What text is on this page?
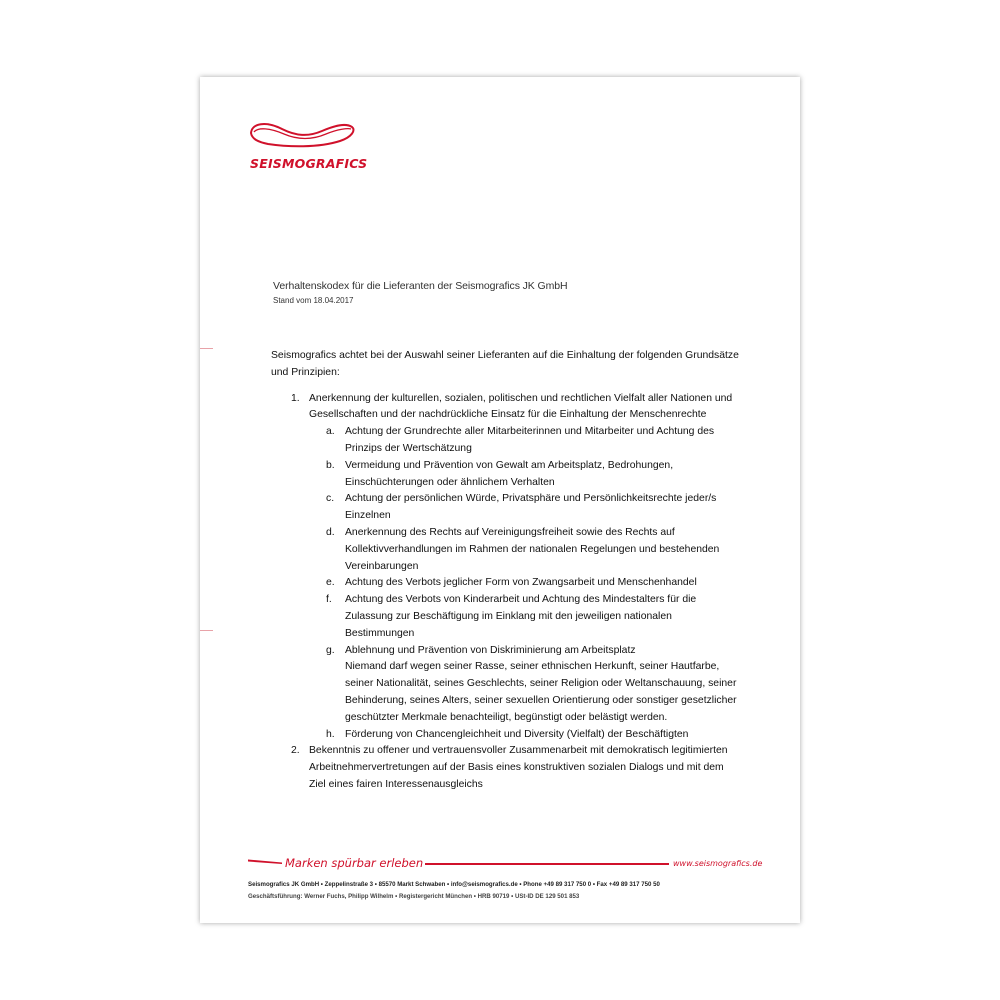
SEISMOGRAFICS
Verhaltenskodex für die Lieferanten der Seismografics JK GmbH
Stand vom 18.04.2017

Seismografics achtet bei der Auswahl seiner Lieferanten auf die Einhaltung der folgenden Grundsätze und Prinzipien:

1. Anerkennung der kulturellen, sozialen, politischen und rechtlichen Vielfalt aller Nationen und Gesellschaften und der nachdrückliche Einsatz für die Einhaltung der Menschenrechte
a. Achtung der Grundrechte aller Mitarbeiterinnen und Mitarbeiter und Achtung des Prinzips der Wertschätzung
b. Vermeidung und Prävention von Gewalt am Arbeitsplatz, Bedrohungen, Einschüchterungen oder ähnlichem Verhalten
c. Achtung der persönlichen Würde, Privatsphäre und Persönlichkeitsrechte jeder/s Einzelnen
d. Anerkennung des Rechts auf Vereinigungsfreiheit sowie des Rechts auf Kollektivverhandlungen im Rahmen der nationalen Regelungen und bestehenden Vereinbarungen
e. Achtung des Verbots jeglicher Form von Zwangsarbeit und Menschenhandel
f. Achtung des Verbots von Kinderarbeit und Achtung des Mindestalters für die Zulassung zur Beschäftigung im Einklang mit den jeweiligen nationalen Bestimmungen
g. Ablehnung und Prävention von Diskriminierung am Arbeitsplatz
Niemand darf wegen seiner Rasse, seiner ethnischen Herkunft, seiner Hautfarbe, seiner Nationalität, seines Geschlechts, seiner Religion oder Weltanschauung, seiner Behinderung, seines Alters, seiner sexuellen Orientierung oder sonstiger gesetzlicher geschützter Merkmale benachteiligt, begünstigt oder belästigt werden.
h. Förderung von Chancengleichheit und Diversity (Vielfalt) der Beschäftigten
2. Bekenntnis zu offener und vertrauensvoller Zusammenarbeit mit demokratisch legitimierten Arbeitnehmervertretungen auf der Basis eines konstruktiven sozialen Dialogs und mit dem Ziel eines fairen Interessenausgleichs
Marken spürbar erleben	www.seismografics.de
Seismografics JK GmbH • Zeppelinstraße 3 • 85570 Markt Schwaben • info@seismografics.de • Phone +49 89 317 750 0 • Fax +49 89 317 750 50
Geschäftsführung: Werner Fuchs, Philipp Wilhelm • Registergericht München • HRB 90719 • USt-ID DE 129 501 853
